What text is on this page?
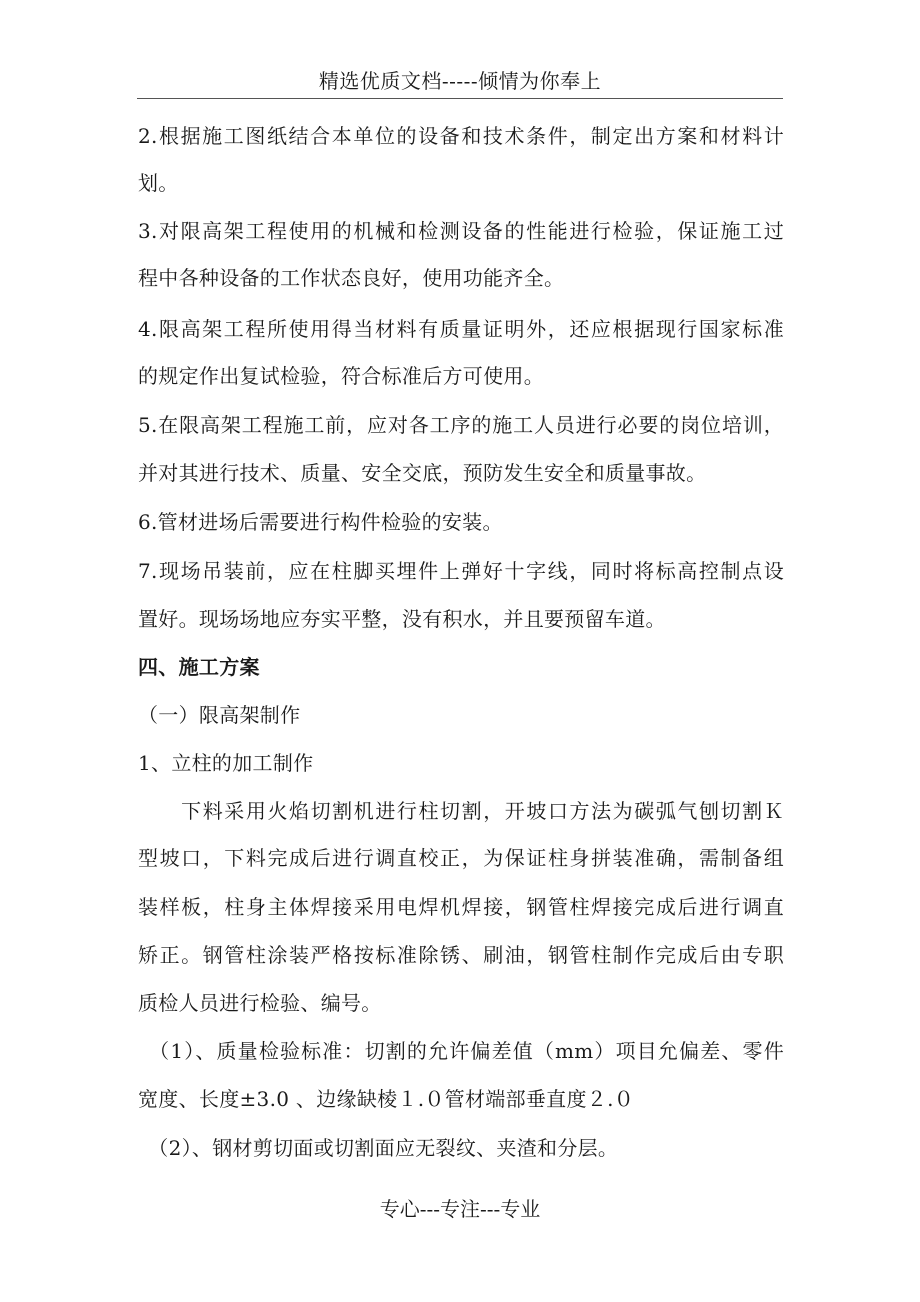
精选优质文档-----倾情为你奉上
2.根据施工图纸结合本单位的设备和技术条件，制定出方案和材料计
划。
3.对限高架工程使用的机械和检测设备的性能进行检验，保证施工过
程中各种设备的工作状态良好，使用功能齐全。
4.限高架工程所使用得当材料有质量证明外，还应根据现行国家标准
的规定作出复试检验，符合标准后方可使用。
5.在限高架工程施工前，应对各工序的施工人员进行必要的岗位培训，
并对其进行技术、质量、安全交底，预防发生安全和质量事故。
6.管材进场后需要进行构件检验的安装。
7.现场吊装前，应在柱脚买埋件上弹好十字线，同时将标高控制点设
置好。现场场地应夯实平整，没有积水，并且要预留车道。
四、施工方案
（一）限高架制作
1、立柱的加工制作
　　下料采用火焰切割机进行柱切割，开坡口方法为碳弧气刨切割Ｋ
型坡口，下料完成后进行调直校正，为保证柱身拼装准确，需制备组
装样板，柱身主体焊接采用电焊机焊接，钢管柱焊接完成后进行调直
矫正。钢管柱涂装严格按标准除锈、刷油，钢管柱制作完成后由专职
质检人员进行检验、编号。
　（1）、质量检验标准：切割的允许偏差值（mm）项目允偏差、零件
宽度、长度±3.0 、边缘缺棱１.０管材端部垂直度２.０
　（2）、钢材剪切面或切割面应无裂纹、夹渣和分层。
专心---专注---专业
